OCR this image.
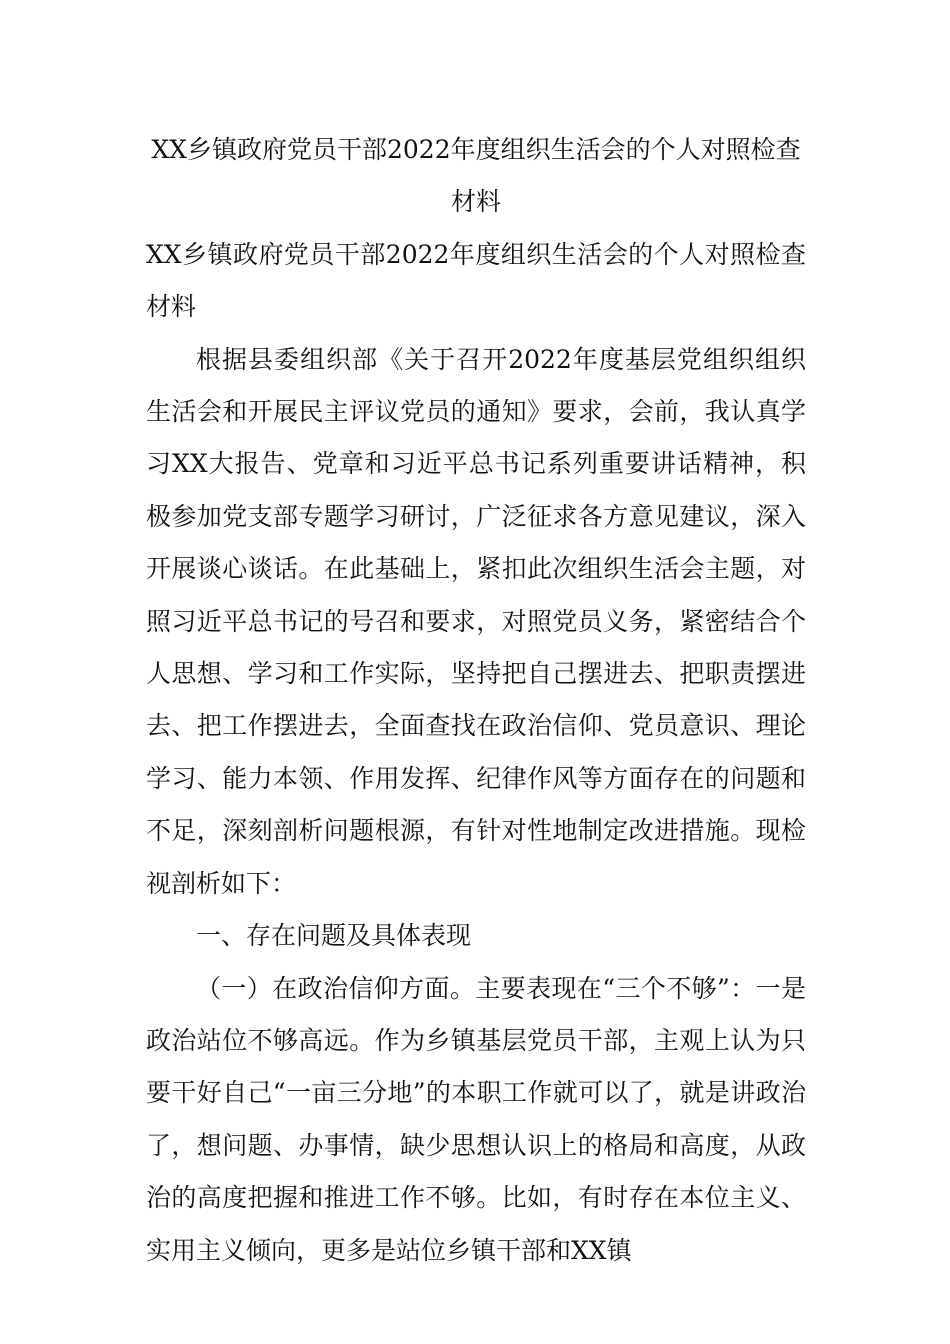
XX乡镇政府党员干部2022年度组织生活会的个人对照检查材料

XX乡镇政府党员干部2022年度组织生活会的个人对照检查材料

根据县委组织部《关于召开2022年度基层党组织组织生活会和开展民主评议党员的通知》要求，会前，我认真学习XX大报告、党章和习近平总书记系列重要讲话精神，积极参加党支部专题学习研讨，广泛征求各方意见建议，深入开展谈心谈话。在此基础上，紧扣此次组织生活会主题，对照习近平总书记的号召和要求，对照党员义务，紧密结合个人思想、学习和工作实际，坚持把自己摆进去、把职责摆进去、把工作摆进去，全面查找在政治信仰、党员意识、理论学习、能力本领、作用发挥、纪律作风等方面存在的问题和不足，深刻剖析问题根源，有针对性地制定改进措施。现检视剖析如下：

一、存在问题及具体表现

（一）在政治信仰方面。主要表现在“三个不够”：一是政治站位不够高远。作为乡镇基层党员干部，主观上认为只要干好自己“一亩三分地”的本职工作就可以了，就是讲政治了，想问题、办事情，缺少思想认识上的格局和高度，从政治的高度把握和推进工作不够。比如，有时存在本位主义、实用主义倾向，更多是站位乡镇干部和XX镇
